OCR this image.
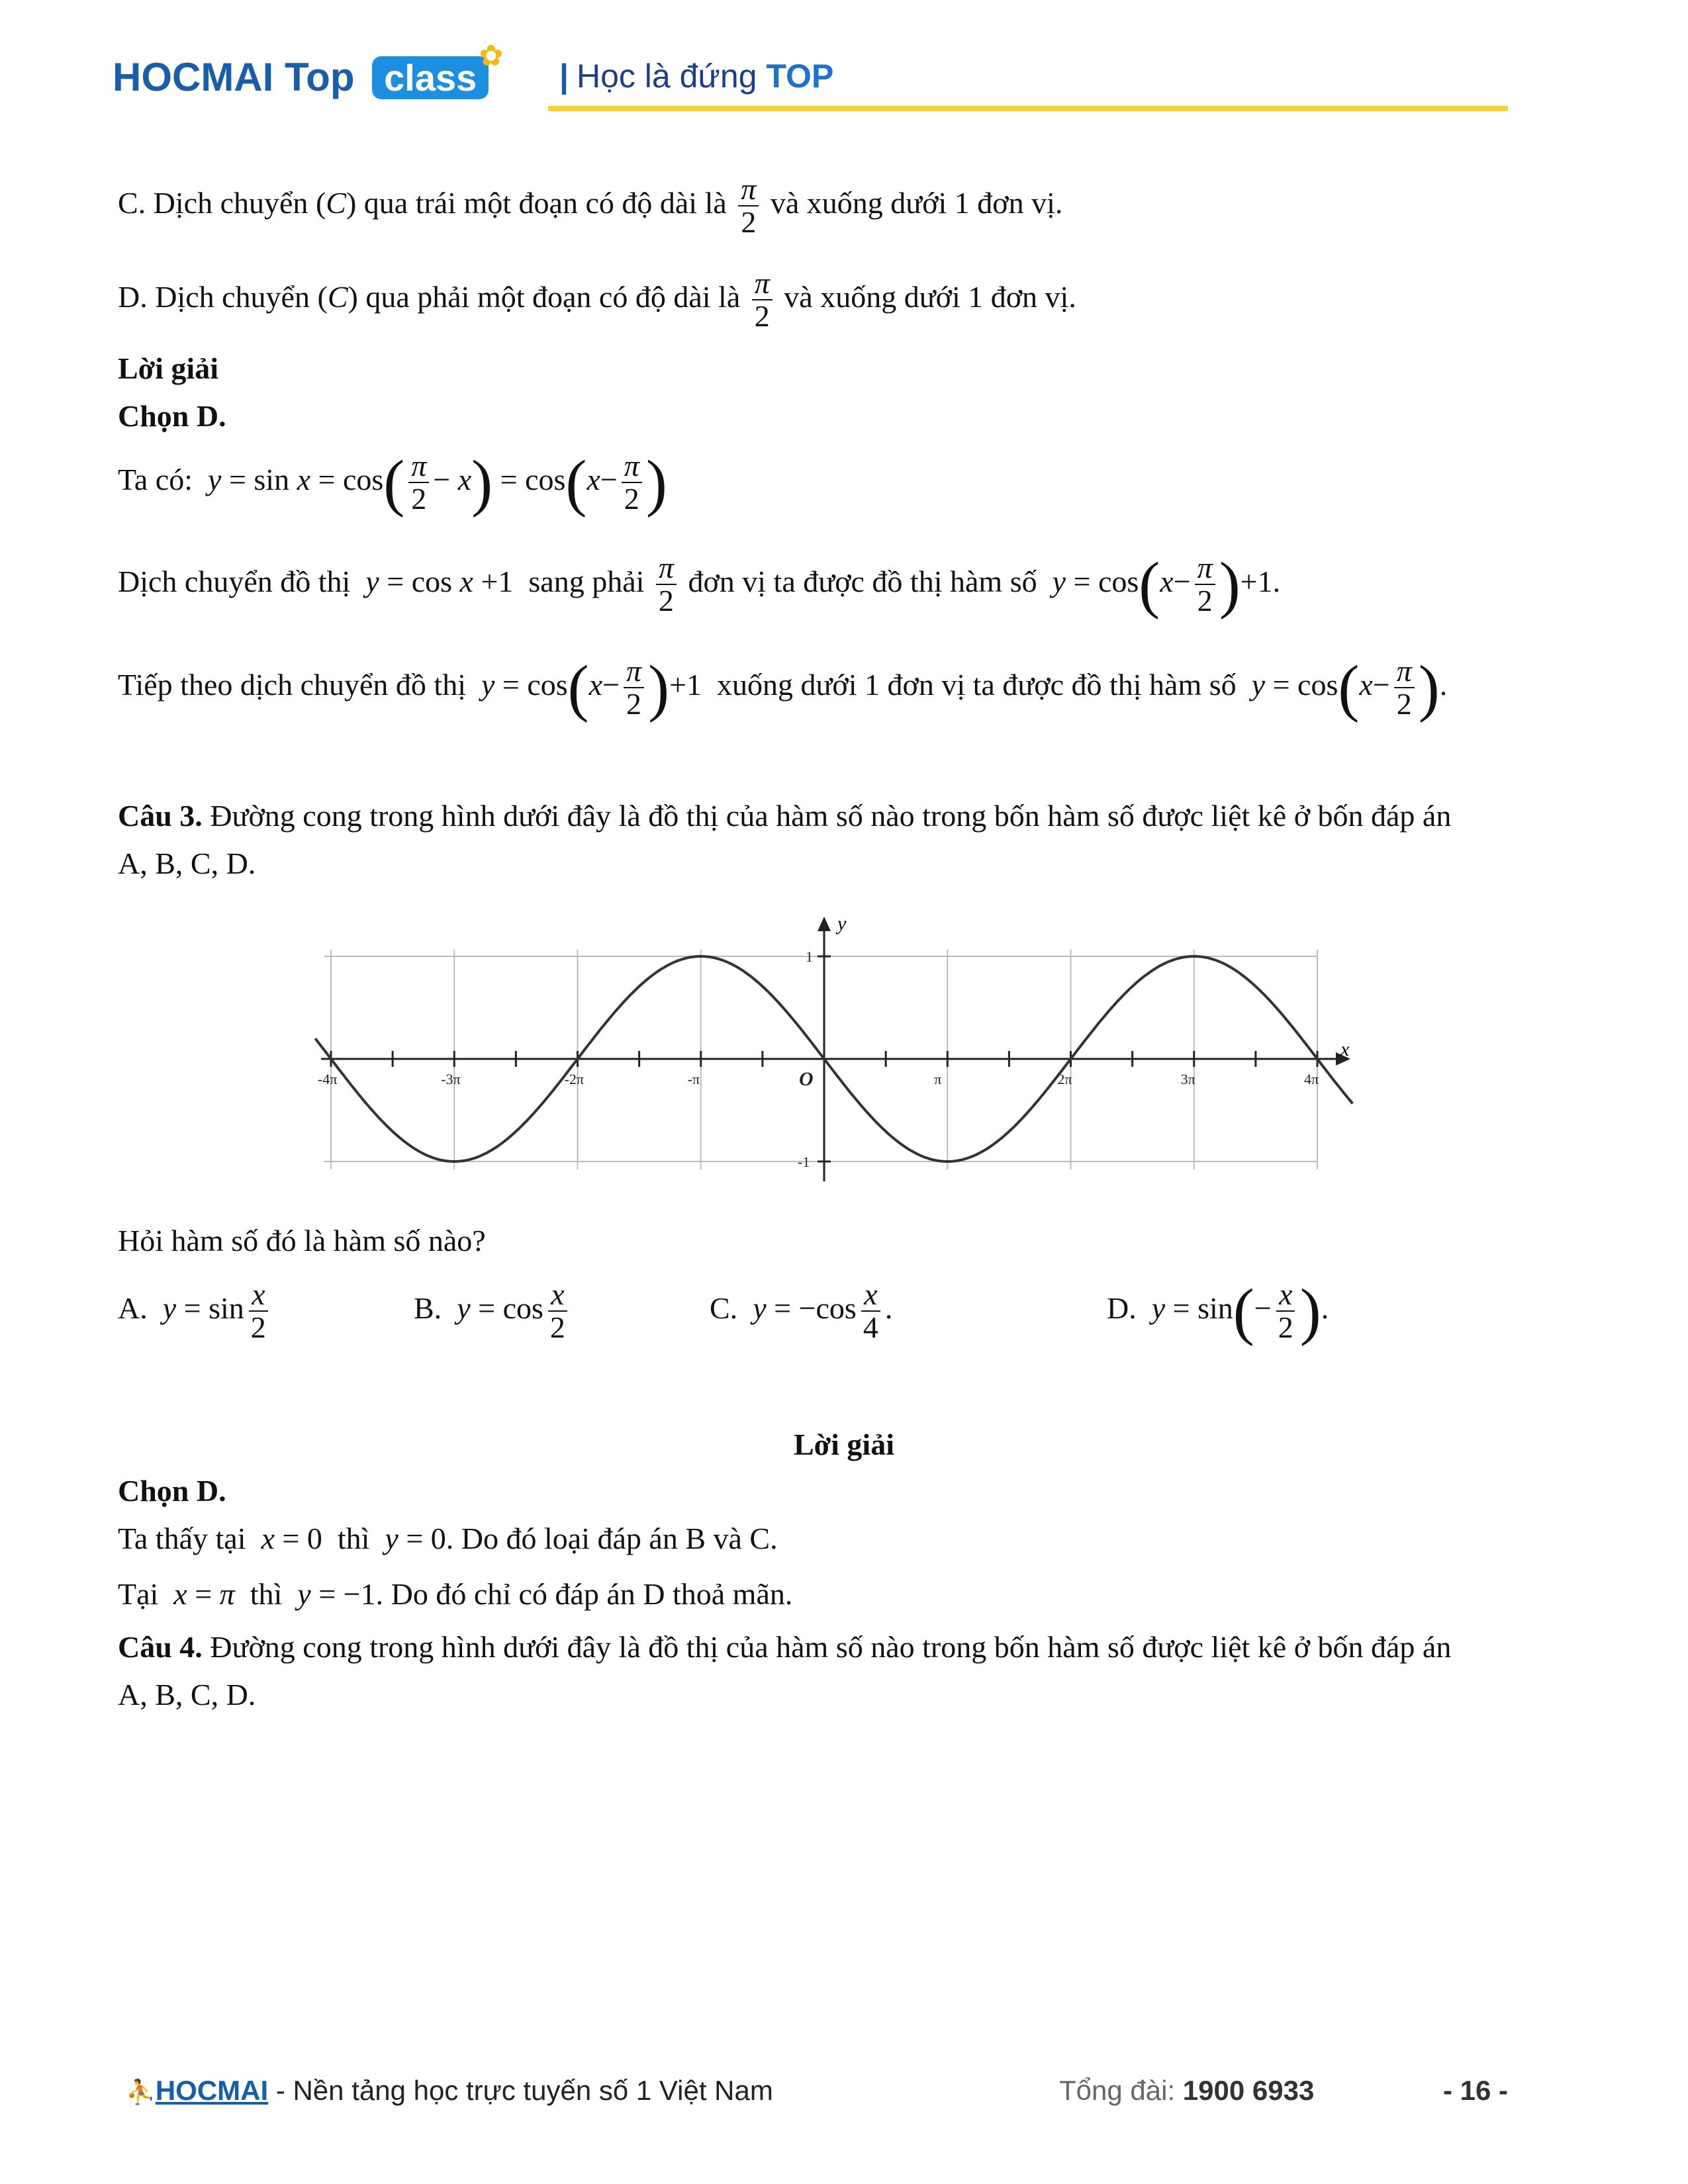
HOCMAI Top class
✿
| Học là đứng TOP
C. Dịch chuyển (C) qua trái một đoạn có độ dài là $\frac{\pi}{2}$ và xuống dưới 1 đơn vị.
D. Dịch chuyển (C) qua phải một đoạn có độ dài là $\frac{\pi}{2}$ và xuống dưới 1 đơn vị.
Lời giải
Chọn D.
Ta có:  $y = \sin x = \cos( \frac{\pi}{2} - x) = \cos(x- \frac{\pi}{2}$ )
Dịch chuyển đồ thị  y = cos x +1 sang phải $\frac{\pi}{2}$ đơn vị ta được đồ thị hàm số  $y = \cos(x- \frac{\pi}{2} )+1$.
Tiếp theo dịch chuyển đồ thị  $y = \cos(x- \frac{\pi}{2} )+1$ xuống dưới 1 đơn vị ta được đồ thị hàm số  $y = \cos(x- \frac{\pi}{2}$ ).
Câu 3. Đường cong trong hình dưới đây là đồ thị của hàm số nào trong bốn hàm số được liệt kê ở bốn đáp án
A, B, C, D.
-4π	-3π	-2π	-π	O	π	2π	3π	4π
1
-1
x
y
Hỏi hàm số đó là hàm số nào?
A.  $y = \sin \frac{x}{2}$	B.  $y = \cos \frac{x}{2}$	C.  $y = -\cos \frac{x}{4}$ .	D.  $y = \sin(- \frac{x}{2}$ ).
Lời giải
Chọn D.
Ta thấy tại  x = 0 thì  y = 0. Do đó loại đáp án B và C.
Tại  x = π  thì  y = −1. Do đó chỉ có đáp án D thoả mãn.
Câu 4. Đường cong trong hình dưới đây là đồ thị của hàm số nào trong bốn hàm số được liệt kê ở bốn đáp án
A, B, C, D.
⛹HOCMAI - Nền tảng học trực tuyến số 1 Việt Nam	Tổng đài: 1900 6933	- 16 -
